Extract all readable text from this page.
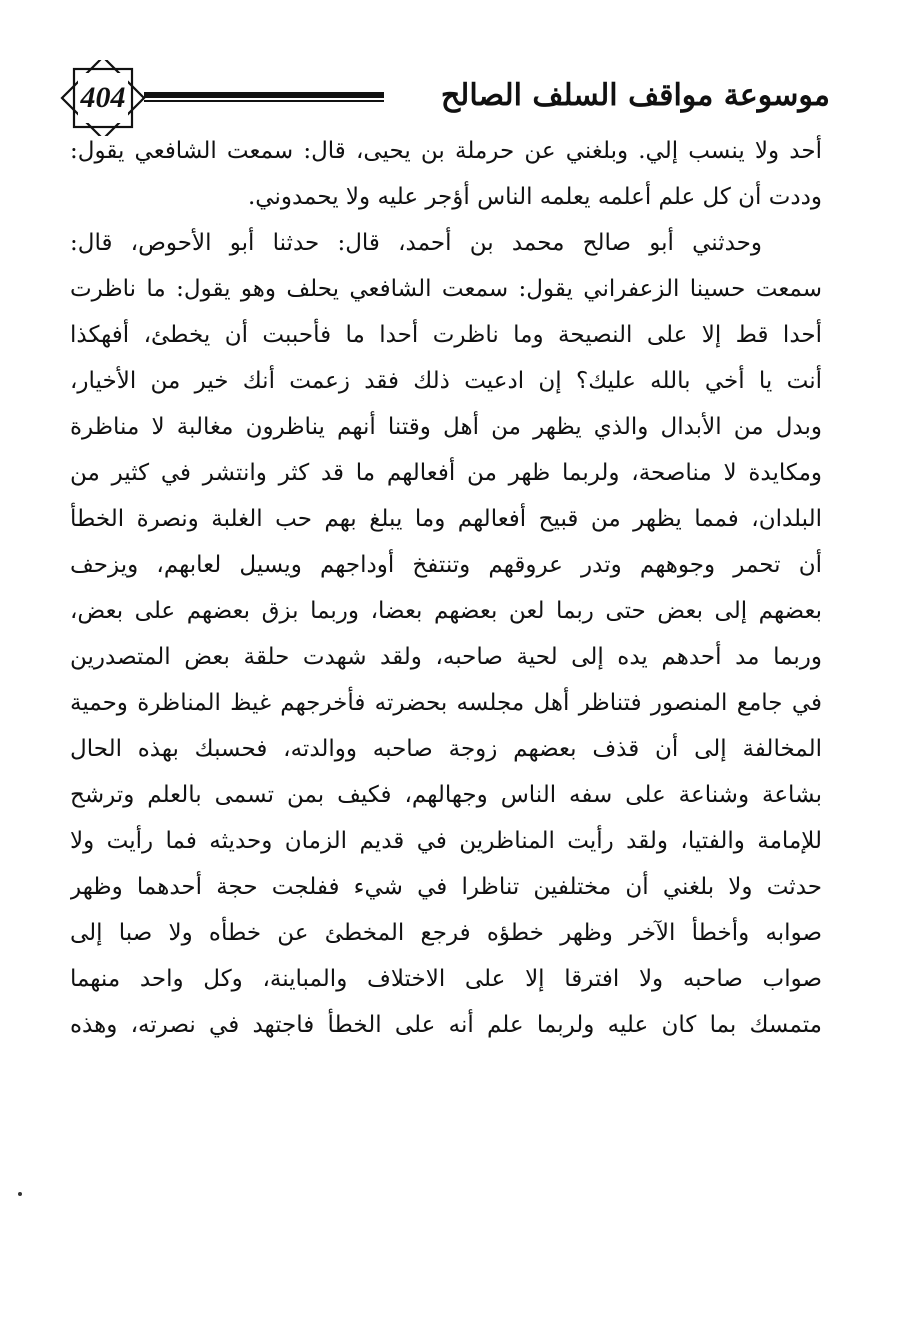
404	موسوعة مواقف السلف الصالح
أحد ولا ينسب إلي. وبلغني عن حرملة بن يحيى، قال: سمعت الشافعي يقول:
وددت أن كل علم أعلمه يعلمه الناس أؤجر عليه ولا يحمدوني.
وحدثني أبو صالح محمد بن أحمد، قال: حدثنا أبو الأحوص، قال:
سمعت حسينا الزعفراني يقول: سمعت الشافعي يحلف وهو يقول: ما ناظرت
أحدا قط إلا على النصيحة وما ناظرت أحدا ما فأحببت أن يخطئ، أفهكذا
أنت يا أخي بالله عليك؟ إن ادعيت ذلك فقد زعمت أنك خير من الأخيار،
وبدل من الأبدال والذي يظهر من أهل وقتنا أنهم يناظرون مغالبة لا مناظرة
ومكايدة لا مناصحة، ولربما ظهر من أفعالهم ما قد كثر وانتشر في كثير من
البلدان، فمما يظهر من قبيح أفعالهم وما يبلغ بهم حب الغلبة ونصرة الخطأ
أن تحمر وجوههم وتدر عروقهم وتنتفخ أوداجهم ويسيل لعابهم، ويزحف
بعضهم إلى بعض حتى ربما لعن بعضهم بعضا، وربما بزق بعضهم على بعض،
وربما مد أحدهم يده إلى لحية صاحبه، ولقد شهدت حلقة بعض المتصدرين
في جامع المنصور فتناظر أهل مجلسه بحضرته فأخرجهم غيظ المناظرة وحمية
المخالفة إلى أن قذف بعضهم زوجة صاحبه ووالدته، فحسبك بهذه الحال
بشاعة وشناعة على سفه الناس وجهالهم، فكيف بمن تسمى بالعلم وترشح
للإمامة والفتيا، ولقد رأيت المناظرين في قديم الزمان وحديثه فما رأيت ولا
حدثت ولا بلغني أن مختلفين تناظرا في شيء ففلجت حجة أحدهما وظهر
صوابه وأخطأ الآخر وظهر خطؤه فرجع المخطئ عن خطأه ولا صبا إلى
صواب صاحبه ولا افترقا إلا على الاختلاف والمباينة، وكل واحد منهما
متمسك بما كان عليه ولربما علم أنه على الخطأ فاجتهد في نصرته، وهذه
